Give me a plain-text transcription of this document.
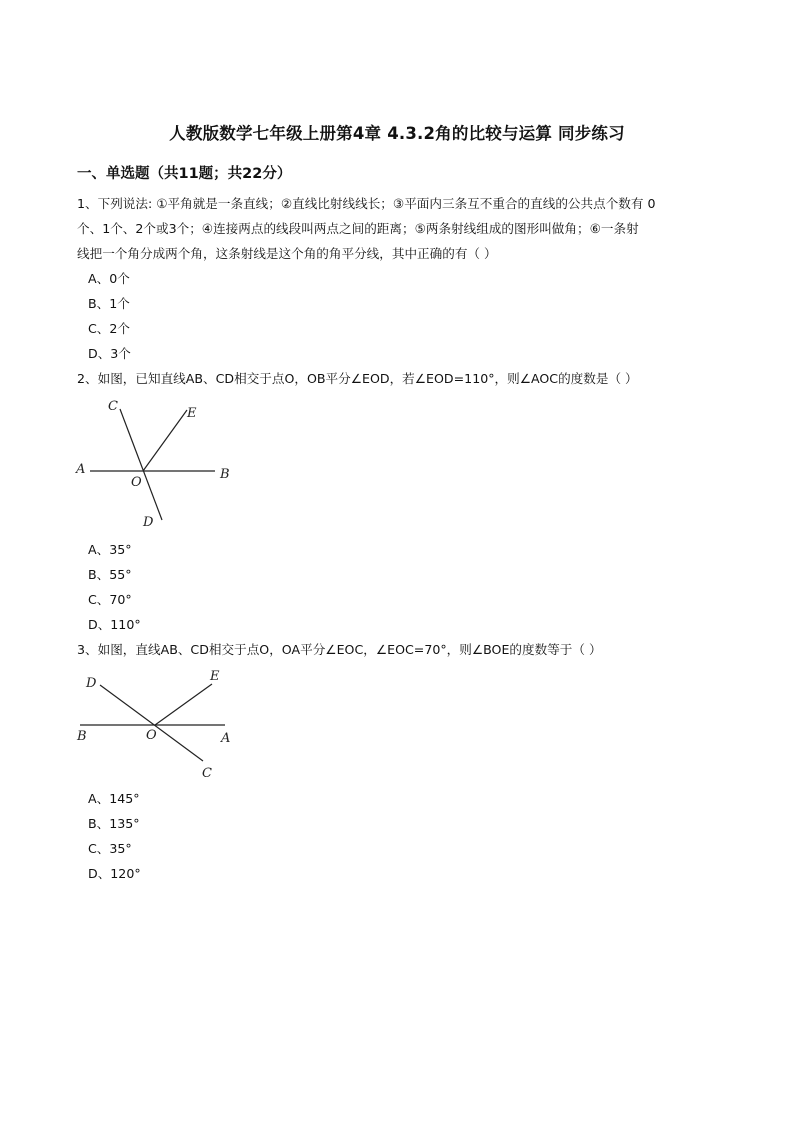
人教版数学七年级上册第4章 4.3.2角的比较与运算 同步练习
一、单选题（共11题；共22分）
1、下列说法: ①平角就是一条直线；②直线比射线线长；③平面内三条互不重合的直线的公共点个数有 0
个、1个、2个或3个；④连接两点的线段叫两点之间的距离；⑤两条射线组成的图形叫做角；⑥一条射
线把一个角分成两个角，这条射线是这个角的角平分线，其中正确的有（ ）
A、0个
B、1个
C、2个
D、3个
2、如图，已知直线AB、CD相交于点O，OB平分∠EOD，若∠EOD=110°，则∠AOC的度数是（ ）
A	B
C
D
E
O
A、35°
B、55°
C、70°
D、110°
3、如图，直线AB、CD相交于点O，OA平分∠EOC，∠EOC=70°，则∠BOE的度数等于（ ）
A
B
C
D	E
O
A、145°
B、135°
C、35°
D、120°
